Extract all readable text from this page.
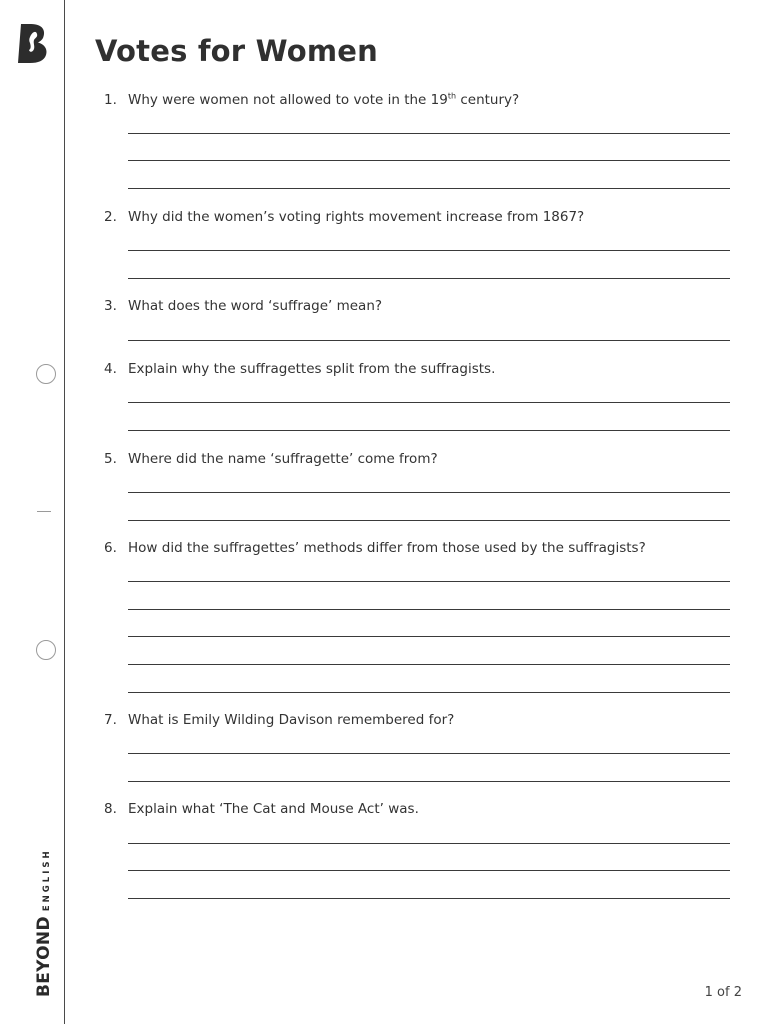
BEYOND
ENGLISH
Votes for Women
1. Why were women not allowed to vote in the 19th century?
2. Why did the women’s voting rights movement increase from 1867?
3. What does the word ‘suffrage’ mean?
4. Explain why the suffragettes split from the suffragists.
5. Where did the name ‘suffragette’ come from?
6. How did the suffragettes’ methods differ from those used by the suffragists?
7. What is Emily Wilding Davison remembered for?
8. Explain what ‘The Cat and Mouse Act’ was.
1 of 2
